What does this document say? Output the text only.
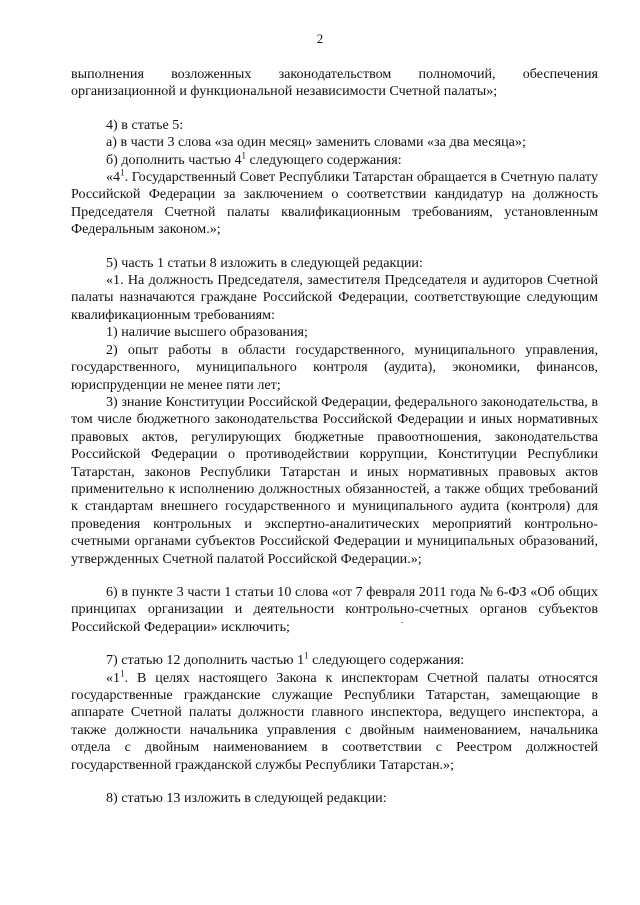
2

выполнения возложенных законодательством полномочий, обеспечения организационной и функциональной независимости Счетной палаты»;

4) в статье 5:

а) в части 3 слова «за один месяц» заменить словами «за два месяца»;

б) дополнить частью $4^1$ следующего содержания:

«$4^1$. Государственный Совет Республики Татарстан обращается в Счетную палату Российской Федерации за заключением о соответствии кандидатур на должность Председателя Счетной палаты квалификационным требованиям, установленным Федеральным законом.»;

5) часть 1 статьи 8 изложить в следующей редакции:

«1. На должность Председателя, заместителя Председателя и аудиторов Счетной палаты назначаются граждане Российской Федерации, соответствующие следующим квалификационным требованиям:

1) наличие высшего образования;

2) опыт работы в области государственного, муниципального управления, государственного, муниципального контроля (аудита), экономики, финансов, юриспруденции не менее пяти лет;

3) знание Конституции Российской Федерации, федерального законодательства, в том числе бюджетного законодательства Российской Федерации и иных нормативных правовых актов, регулирующих бюджетные правоотношения, законодательства Российской Федерации о противодействии коррупции, Конституции Республики Татарстан, законов Республики Татарстан и иных нормативных правовых актов применительно к исполнению должностных обязанностей, а также общих требований к стандартам внешнего государственного и муниципального аудита (контроля) для проведения контрольных и экспертно-аналитических мероприятий контрольно-счетными органами субъектов Российской Федерации и муниципальных образований, утвержденных Счетной палатой Российской Федерации.»;

6) в пункте 3 части 1 статьи 10 слова «от 7 февраля 2011 года № 6-ФЗ «Об общих принципах организации и деятельности контрольно-счетных органов субъектов Российской Федерации» исключить;

7) статью 12 дополнить частью $1^1$ следующего содержания:

«$1^1$. В целях настоящего Закона к инспекторам Счетной палаты относятся государственные гражданские служащие Республики Татарстан, замещающие в аппарате Счетной палаты должности главного инспектора, ведущего инспектора, а также должности начальника управления с двойным наименованием, начальника отдела с двойным наименованием в соответствии с Реестром должностей государственной гражданской службы Республики Татарстан.»;

8) статью 13 изложить в следующей редакции:
